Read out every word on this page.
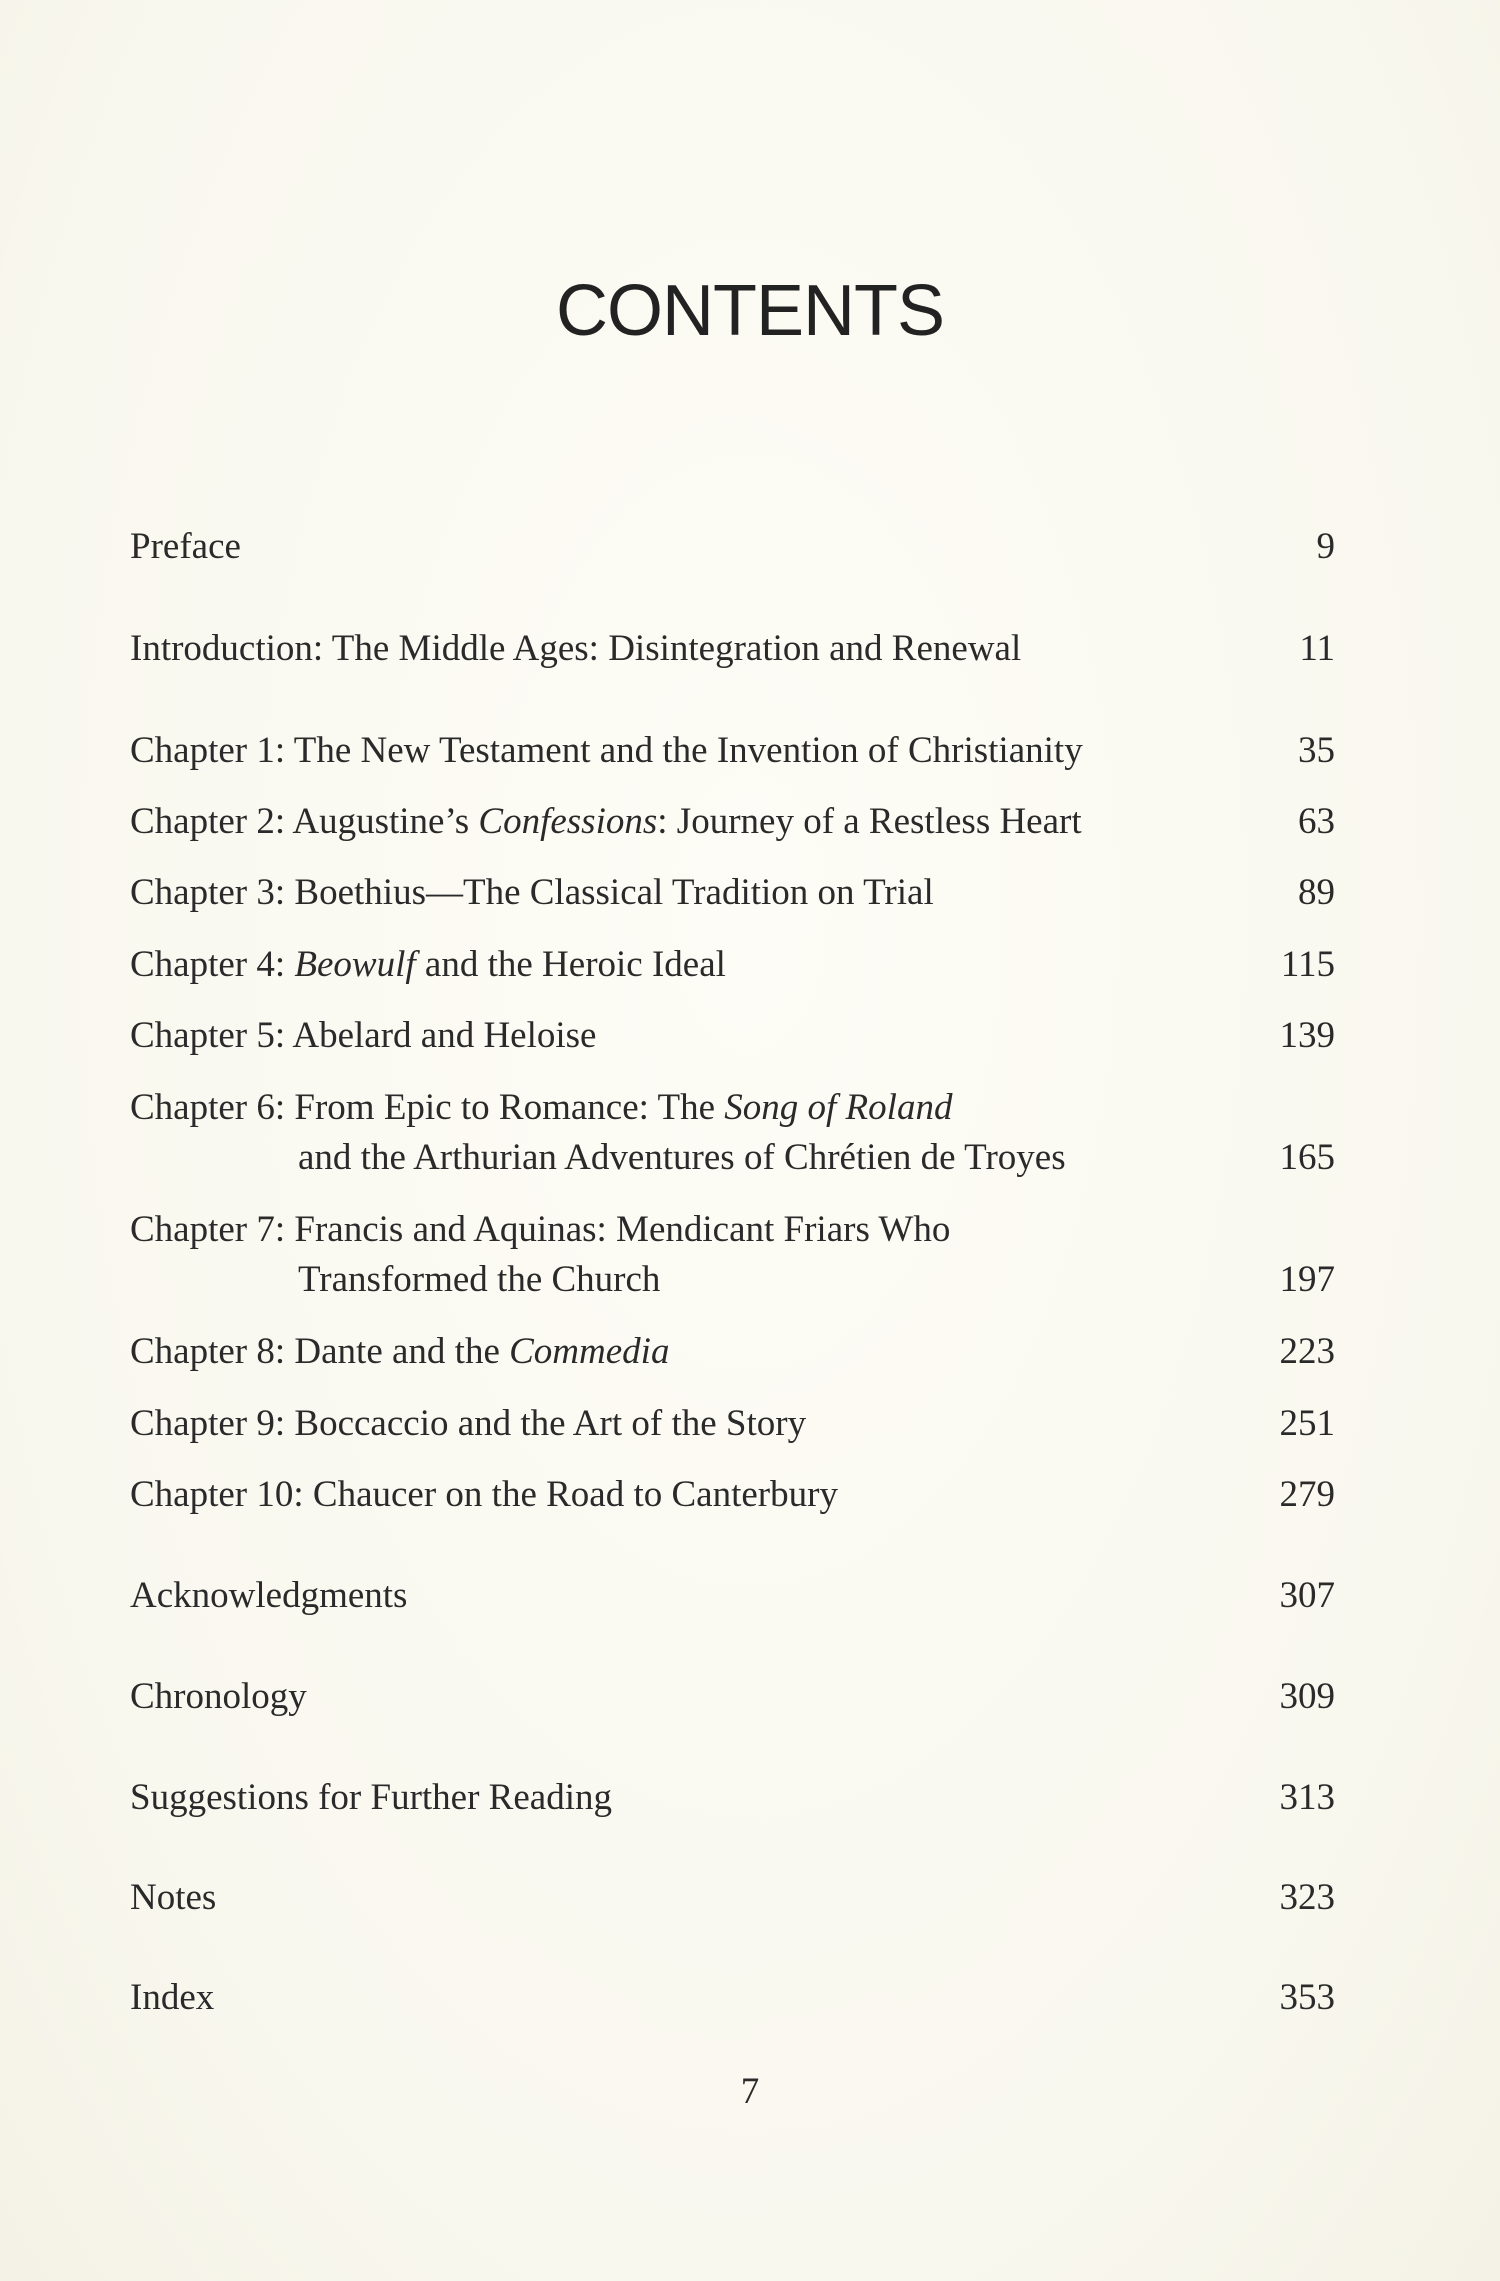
CONTENTS
Preface	9
Introduction: The Middle Ages: Disintegration and Renewal	11
Chapter 1: The New Testament and the Invention of Christianity	35
Chapter 2: Augustine’s Confessions: Journey of a Restless Heart	63
Chapter 3: Boethius—The Classical Tradition on Trial	89
Chapter 4: Beowulf and the Heroic Ideal	115
Chapter 5: Abelard and Heloise	139
Chapter 6: From Epic to Romance: The Song of Roland
and the Arthurian Adventures of Chrétien de Troyes	165
Chapter 7: Francis and Aquinas: Mendicant Friars Who
Transformed the Church	197
Chapter 8: Dante and the Commedia	223
Chapter 9: Boccaccio and the Art of the Story	251
Chapter 10: Chaucer on the Road to Canterbury	279
Acknowledgments	307
Chronology	309
Suggestions for Further Reading	313
Notes	323
Index	353
7
